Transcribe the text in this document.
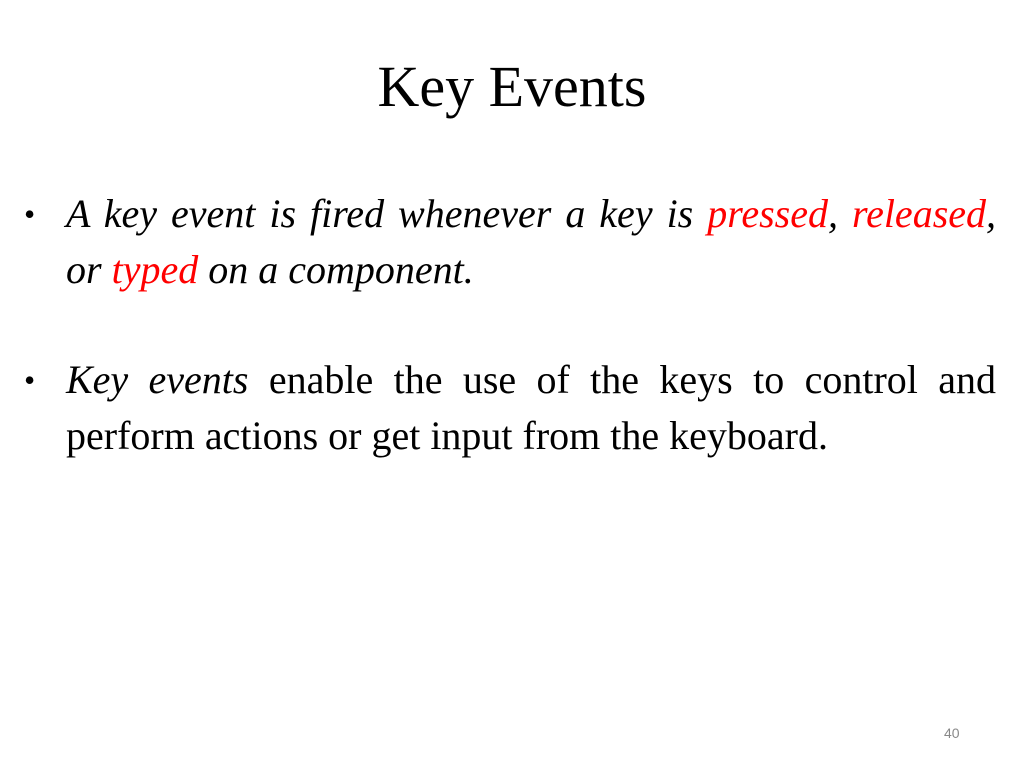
Key Events
• A key event is fired whenever a key is pressed, released, or typed on a component.
• Key events enable the use of the keys to control and perform actions or get input from the keyboard.
40
